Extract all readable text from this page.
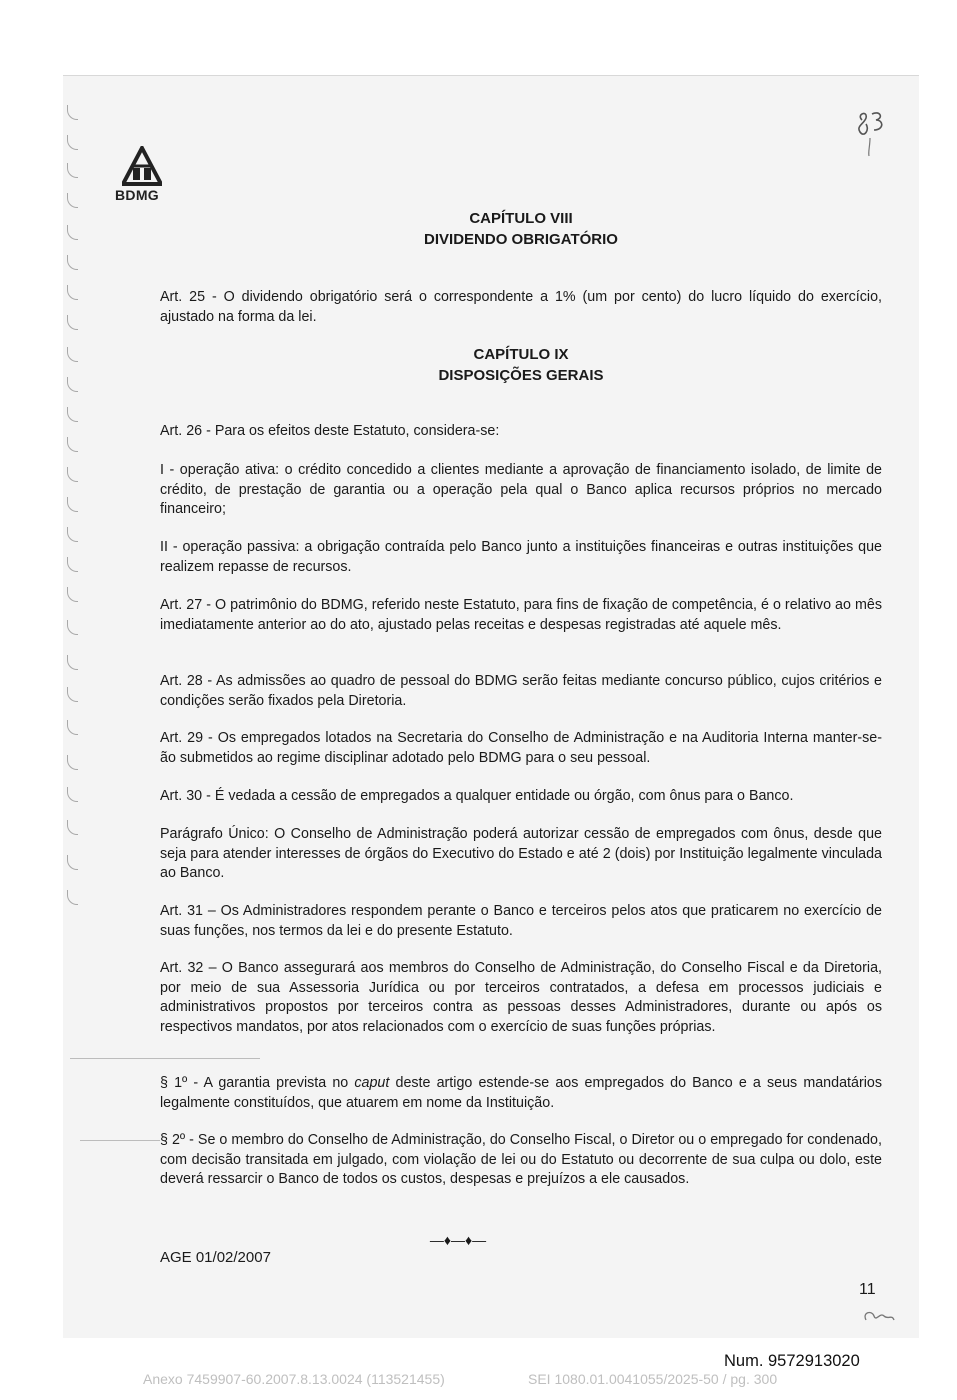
BDMG
CAPÍTULO VIII
DIVIDENDO OBRIGATÓRIO
Art. 25 - O dividendo obrigatório será o correspondente a 1% (um por cento) do lucro líquido do exercício, ajustado na forma da lei.
CAPÍTULO IX
DISPOSIÇÕES GERAIS
Art. 26 - Para os efeitos deste Estatuto, considera-se:
I - operação ativa: o crédito concedido a clientes mediante a aprovação de financiamento isolado, de limite de crédito, de prestação de garantia ou a operação pela qual o Banco aplica recursos próprios no mercado financeiro;
II - operação passiva: a obrigação contraída pelo Banco junto a instituições financeiras e outras instituições que realizem repasse de recursos.
Art. 27 - O patrimônio do BDMG, referido neste Estatuto, para fins de fixação de competência, é o relativo ao mês imediatamente anterior ao do ato, ajustado pelas receitas e despesas registradas até aquele mês.
Art. 28 - As admissões ao quadro de pessoal do BDMG serão feitas mediante concurso público, cujos critérios e condições serão fixados pela Diretoria.
Art. 29 - Os empregados lotados na Secretaria do Conselho de Administração e na Auditoria Interna manter-se-ão submetidos ao regime disciplinar adotado pelo BDMG para o seu pessoal.
Art. 30 - É vedada a cessão de empregados a qualquer entidade ou órgão, com ônus para o Banco.
Parágrafo Único: O Conselho de Administração poderá autorizar cessão de empregados com ônus, desde que seja para atender interesses de órgãos do Executivo do Estado e até 2 (dois) por Instituição legalmente vinculada ao Banco.
Art. 31 – Os Administradores respondem perante o Banco e terceiros pelos atos que praticarem no exercício de suas funções, nos termos da lei e do presente Estatuto.
Art. 32 – O Banco assegurará aos membros do Conselho de Administração, do Conselho Fiscal e da Diretoria, por meio de sua Assessoria Jurídica ou por terceiros contratados, a defesa em processos judiciais e administrativos propostos por terceiros contra as pessoas desses Administradores, durante ou após os respectivos mandatos, por atos relacionados com o exercício de suas funções próprias.
§ 1º - A garantia prevista no caput deste artigo estende-se aos empregados do Banco e a seus mandatários legalmente constituídos, que atuarem em nome da Instituição.
§ 2º - Se o membro do Conselho de Administração, do Conselho Fiscal, o Diretor ou o empregado for condenado, com decisão transitada em julgado, com violação de lei ou do Estatuto ou decorrente de sua culpa ou dolo, este deverá ressarcir o Banco de todos os custos, despesas e prejuízos a ele causados.
—♦—♦—
AGE 01/02/2007
11
Num. 9572913020
Anexo 7459907-60.2007.8.13.0024 (113521455)	SEI 1080.01.0041055/2025-50 / pg. 300
